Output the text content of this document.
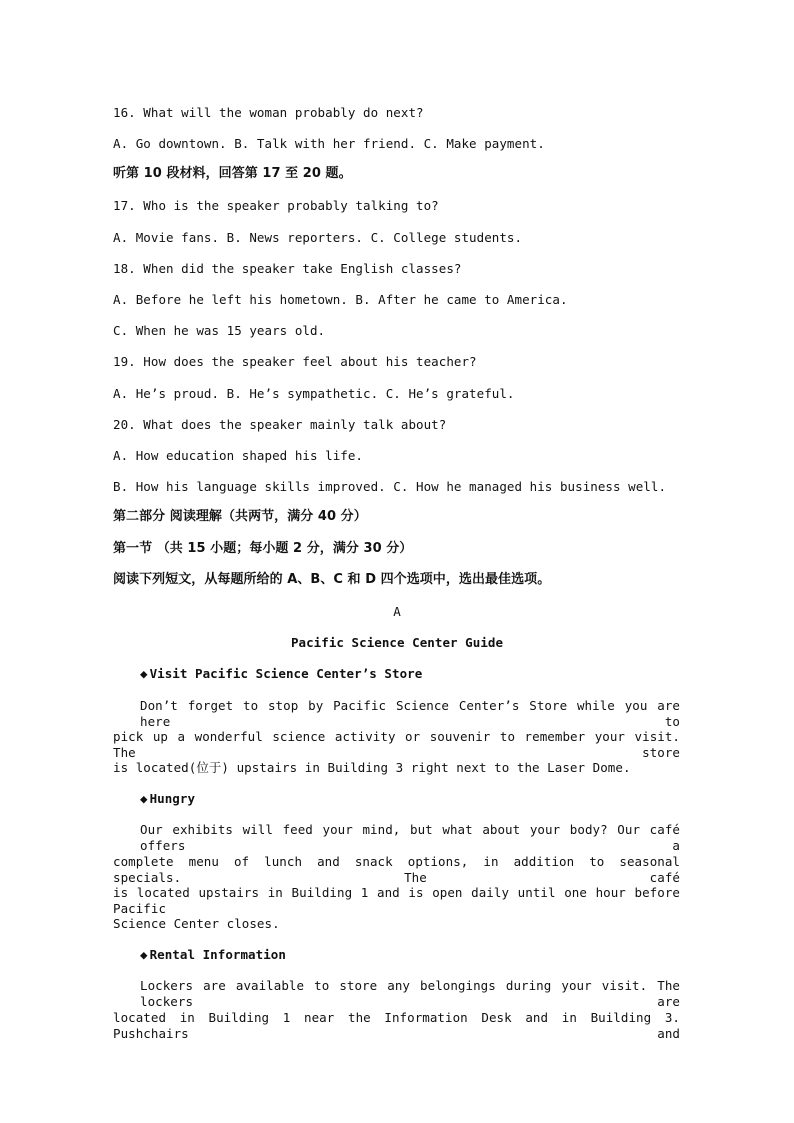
16. What will the woman probably do next?
A. Go downtown. B. Talk with her friend. C. Make payment.
听第 10 段材料，回答第 17 至 20 题。
17. Who is the speaker probably talking to?
A. Movie fans. B. News reporters. C. College students.
18. When did the speaker take English classes?
A. Before he left his hometown. B. After he came to America.
C. When he was 15 years old.
19. How does the speaker feel about his teacher?
A. He’s proud. B. He’s sympathetic. C. He’s grateful.
20. What does the speaker mainly talk about?
A. How education shaped his life.
B. How his language skills improved. C. How he managed his business well.
第二部分 阅读理解（共两节，满分 40 分）
第一节 （共 15 小题；每小题 2 分，满分 30 分）
阅读下列短文，从每题所给的 A、B、C 和 D 四个选项中，选出最佳选项。
A
Pacific Science Center Guide
◆ Visit Pacific Science Center’s Store
Don’t forget to stop by Pacific Science Center’s Store while you are here to
pick up a wonderful science activity or souvenir to remember your visit. The store
is located(位于) upstairs in Building 3 right next to the Laser Dome.
◆ Hungry
Our exhibits will feed your mind, but what about your body? Our café offers a
complete menu of lunch and snack options, in addition to seasonal specials. The café
is located upstairs in Building 1 and is open daily until one hour before Pacific
Science Center closes.
◆ Rental Information
Lockers are available to store any belongings during your visit. The lockers are
located in Building 1 near the Information Desk and in Building 3. Pushchairs and
